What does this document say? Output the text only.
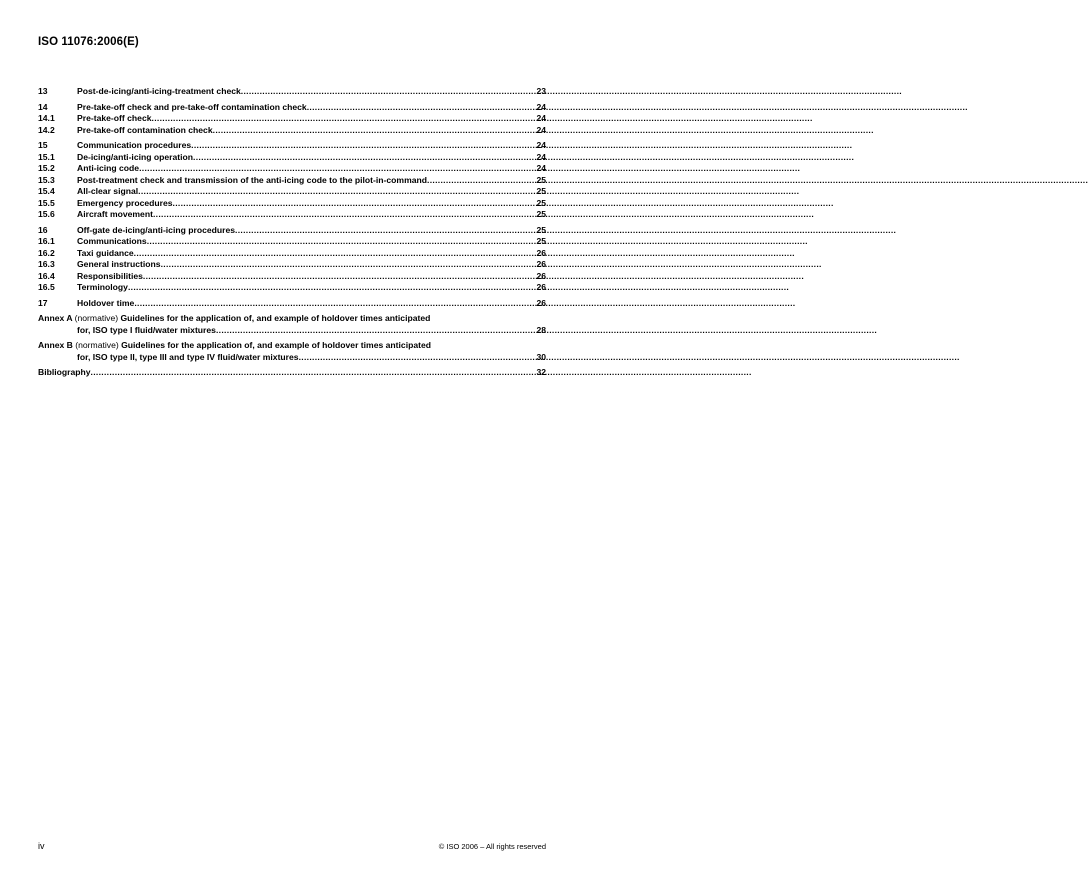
ISO 11076:2006(E)
13	Post-de-icing/anti-icing-treatment check .....	23
14	Pre-take-off check and pre-take-off contamination check .....	24
14.1	Pre-take-off check .....	24
14.2	Pre-take-off contamination check .....	24
15	Communication procedures .....	24
15.1	De-icing/anti-icing operation .....	24
15.2	Anti-icing code .....	24
15.3	Post-treatment check and transmission of the anti-icing code to the pilot-in-command .....	25
15.4	All-clear signal .....	25
15.5	Emergency procedures .....	25
15.6	Aircraft movement .....	25
16	Off-gate de-icing/anti-icing procedures .....	25
16.1	Communications .....	25
16.2	Taxi guidance .....	26
16.3	General instructions .....	26
16.4	Responsibilities .....	26
16.5	Terminology .....	26
17	Holdover time .....	26
Annex A (normative) Guidelines for the application of, and example of holdover times anticipated
for, ISO type I fluid/water mixtures .....	28
Annex B (normative) Guidelines for the application of, and example of holdover times anticipated
for, ISO type II, type III and type IV fluid/water mixtures .....	30
Bibliography .....	32
iv	© ISO 2006 – All rights reserved
